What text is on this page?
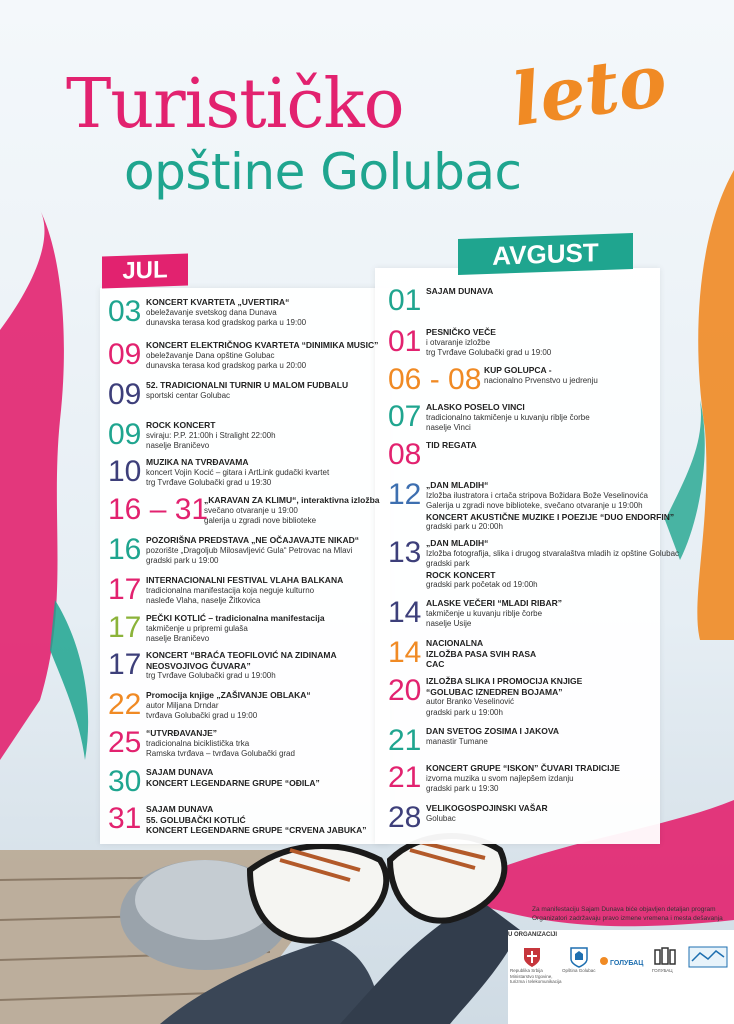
Turističko leto
opštine Golubac
JUL	AVGUST
03 KONCERT KVARTETA „UVERTIRA“
obeležavanje svetskog dana Dunava
dunavska terasa kod gradskog parka u 19:00
09 KONCERT ELEKTRIČNOG KVARTETA “DINIMIKA MUSIC”
obeležavanje Dana opštine Golubac
dunavska terasa kod gradskog parka u 20:00
09 52. TRADICIONALNI TURNIR U MALOM FUDBALU
sportski centar Golubac
09 ROCK KONCERT
sviraju: P.P. 21:00h i Stralight 22:00h
naselje Braničevo
10 MUZIKA NA TVRĐAVAMA
koncert Vojin Kocić – gitara i ArtLink gudački kvartet
trg Tvrđave Golubački grad u 19:30
16 – 31
„KARAVAN ZA KLIMU“, interaktivna izložba
svečano otvaranje u 19:00
galerija u zgradi nove biblioteke
16 POZORIŠNA PREDSTAVA „NE OČAJAVAJTE NIKAD“
pozorište „Dragoljub Milosavljević Gula“ Petrovac na Mlavi
gradski park u 19:00
17 INTERNACIONALNI FESTIVAL VLAHA BALKANA
tradicionalna manifestacija koja neguje kulturno
nasleđe Vlaha, naselje Žitkovica
17 PEČKI KOTLIĆ – tradicionalna manifestacija
takmičenje u pripremi gulaša
naselje Braničevo
17 KONCERT “BRAĆA TEOFILOVIĆ NA ZIDINAMA
NEOSVOJIVOG ČUVARA”
trg Tvrđave Golubački grad u 19:00h
22 Promocija knjige „ZAŠIVANJE OBLAKA“
autor Miljana Drndar
tvrđava Golubački grad u 19:00
25 “UTVRĐAVANJE”
tradicionalna biciklistička trka
Ramska tvrđava – tvrđava Golubački grad
30 SAJAM DUNAVA
KONCERT LEGENDARNE GRUPE “OĐILA”
31 SAJAM DUNAVA
55. GOLUBAČKI KOTLIĆ
KONCERT LEGENDARNE GRUPE “CRVENA JABUKA”
01 SAJAM DUNAVA
01 PESNIČKO VEČE
i otvaranje izložbe
trg Tvrđave Golubački grad u 19:00
06 - 08 KUP GOLUPCA -
nacionalno Prvenstvo u jedrenju
07 ALASKO POSELO VINCI
tradicionalno takmičenje u kuvanju riblje čorbe
naselje Vinci
08 TID REGATA
12 „DAN MLADIH“
Izložba ilustratora i crtača stripova Božidara Bože Veselinovića
Galerija u zgradi nove biblioteke, svečano otvaranje u 19:00h
KONCERT AKUSTIČNE MUZIKE I POEZIJE “DUO ENDORFIN”
gradski park u 20:00h
13 „DAN MLADIH“
Izložba fotografija, slika i drugog stvaralaštva mladih iz opštine Golubac
gradski park
ROCK KONCERT
gradski park početak od 19:00h
14 ALASKE VEČERI “MLADI RIBAR”
takmičenje u kuvanju riblje čorbe
naselje Usije
14 NACIONALNA
IZLOŽBA PASA SVIH RASA
CAC
20 IZLOŽBA SLIKA I PROMOCIJA KNJIGE
“GOLUBAC IZNEDREN BOJAMA”
autor Branko Veselinović
gradski park u 19:00h
21 DAN SVETOG ZOSIMA I JAKOVA
manastir Tumane
21 KONCERT GRUPE “ISKON” ČUVARI TRADICIJE
izvorna muzika u svom najlepšem izdanju
gradski park u 19:30
28 VELIKOGOSPOJINSKI VAŠAR
Golubac
Za manifestaciju Sajam Dunava biće objavljen detaljan program
Organizatori zadržavaju pravo izmene vremena i mesta dešavanja
U ORGANIZACIJI
Republika Srbija
Ministarstvo trgovine,
turizma i telekomunikacija
Opština Golubac
ГОЛУБАЦ
ГОЛУБАЦ
